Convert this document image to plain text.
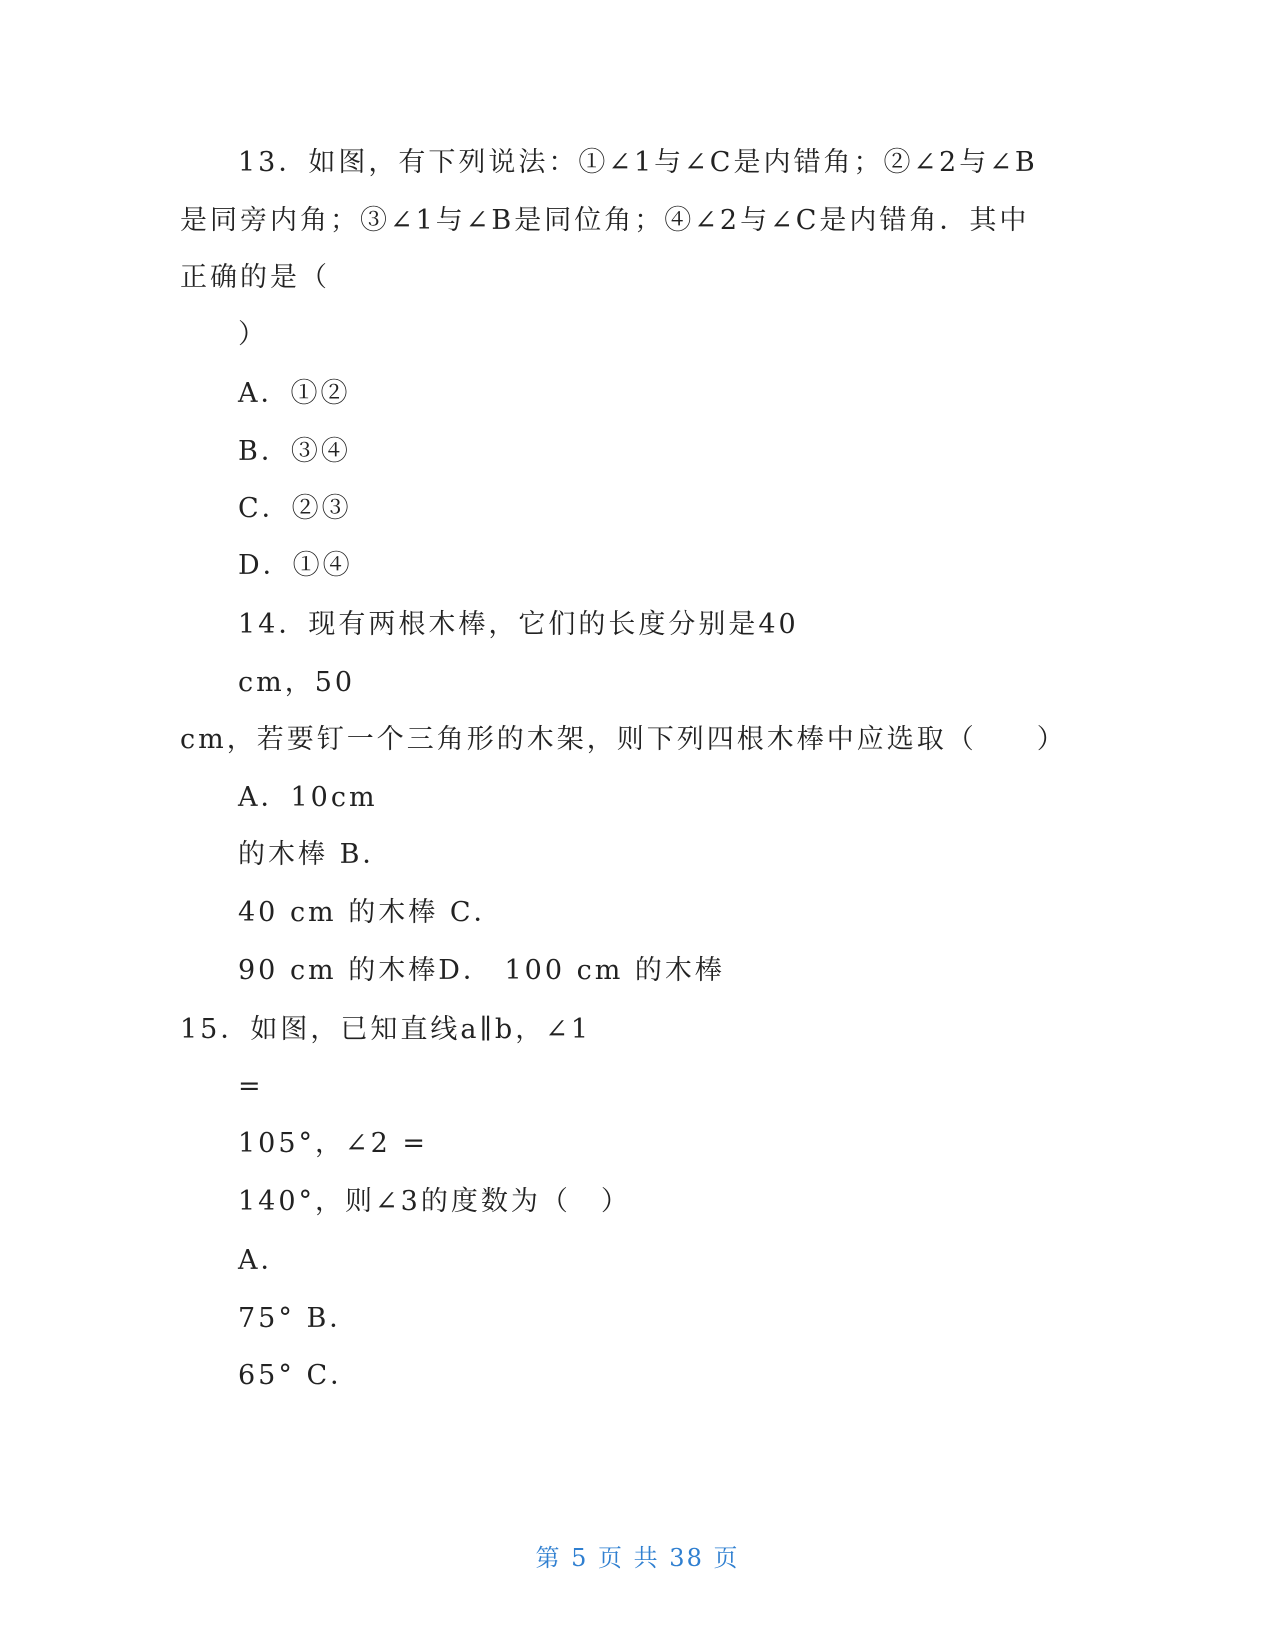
13．如图，有下列说法：①∠1与∠C是内错角；②∠2与∠B
是同旁内角；③∠1与∠B是同位角；④∠2与∠C是内错角．其中
正确的是（
）
A．①②
B．③④
C．②③
D．①④
14．现有两根木棒，它们的长度分别是40
cm，50
cm，若要钉一个三角形的木架，则下列四根木棒中应选取（　　）
A．10cm
的木棒 B．
40 cm 的木棒 C．
90 cm 的木棒D． 100 cm 的木棒
15．如图，已知直线a∥b，∠1
=
105°，∠2 =
140°，则∠3的度数为（　）
A．
75° B．
65° C．
第 5 页 共 38 页
